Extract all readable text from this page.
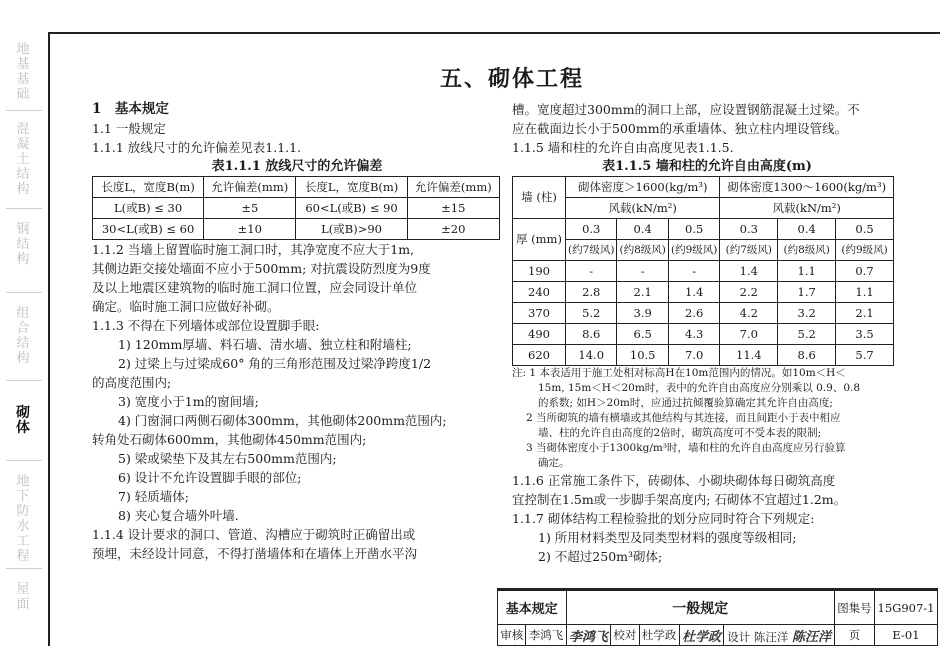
地
基
基
础
混
凝
土
结
构
钢
结
构
组
合
结
构
砌
体
地
下
防
水
工
程
屋
面
五、砌体工程

1　基本规定

1.1 一般规定

1.1.1 放线尺寸的允许偏差见表1.1.1.

表1.1.1 放线尺寸的允许偏差
长度L，宽度B(m)	允许偏差(mm)	长度L，宽度B(m)	允许偏差(mm)
L(或B) ≤ 30	±5	60<L(或B) ≤ 90	±15
30<L(或B) ≤ 60	±10	L(或B)>90	±20

1.1.2 当墙上留置临时施工洞口时，其净宽度不应大于1m,

其侧边距交接处墙面不应小于500mm; 对抗震设防烈度为9度

及以上地震区建筑物的临时施工洞口位置，应会同设计单位

确定。临时施工洞口应做好补砌。

1.1.3 不得在下列墙体或部位设置脚手眼:

1) 120mm厚墙、料石墙、清水墙、独立柱和附墙柱;

2) 过梁上与过梁成60° 角的三角形范围及过梁净跨度1/2

的高度范围内;

3) 宽度小于1m的窗间墙;

4) 门窗洞口两侧石砌体300mm，其他砌体200mm范围内;

转角处石砌体600mm，其他砌体450mm范围内;

5) 梁或梁垫下及其左右500mm范围内;

6) 设计不允许设置脚手眼的部位;

7) 轻质墙体;

8) 夹心复合墙外叶墙.

1.1.4 设计要求的洞口、管道、沟槽应于砌筑时正确留出或

预埋，未经设计同意，不得打凿墙体和在墙体上开凿水平沟

槽。宽度超过300mm的洞口上部，应设置钢筋混凝土过梁。不

应在截面边长小于500mm的承重墙体、独立柱内埋设管线。

1.1.5 墙和柱的允许自由高度见表1.1.5.

表1.1.5 墙和柱的允许自由高度(m)
墙 (柱)	砌体密度＞1600(kg/m³)			砌体密度1300～1600(kg/m³)		
	风载(kN/m²)			风载(kN/m²)		
厚 (mm)	0.3	0.4	0.5	0.3	0.4	0.5
	(约7级风)	(约8级风)	(约9级风)	(约7级风)	(约8级风)	(约9级风)
190	-	-	-	1.4	1.1	0.7
240	2.8	2.1	1.4	2.2	1.7	1.1
370	5.2	3.9	2.6	4.2	3.2	2.1
490	8.6	6.5	4.3	7.0	5.2	3.5
620	14.0	10.5	7.0	11.4	8.6	5.7

注: 1 本表适用于施工处相对标高H在10m范围内的情况。如10m＜H＜

15m, 15m＜H＜20m时，表中的允许自由高度应分别乘以 0.9、0.8

的系数; 如H＞20m时，应通过抗倾覆验算确定其允许自由高度;

2 当所砌筑的墙有横墙或其他结构与其连接，而且间距小于表中相应

墙、柱的允许自由高度的2倍时，砌筑高度可不受本表的限制;

3 当砌体密度小于1300kg/m³时，墙和柱的允许自由高度应另行验算

确定。

1.1.6 正常施工条件下，砖砌体、小砌块砌体每日砌筑高度

宜控制在1.5m或一步脚手架高度内; 石砌体不宜超过1.2m。

1.1.7 砌体结构工程检验批的划分应同时符合下列规定:

1) 所用材料类型及同类型材料的强度等级相同;

2) 不超过250m³砌体;

基本规定		一般规定					图集号	15G907-1
审核	李鸿飞	李鸿飞	校对	杜学政	杜学政	设计 陈汪洋 陈汪洋	页	E-01
